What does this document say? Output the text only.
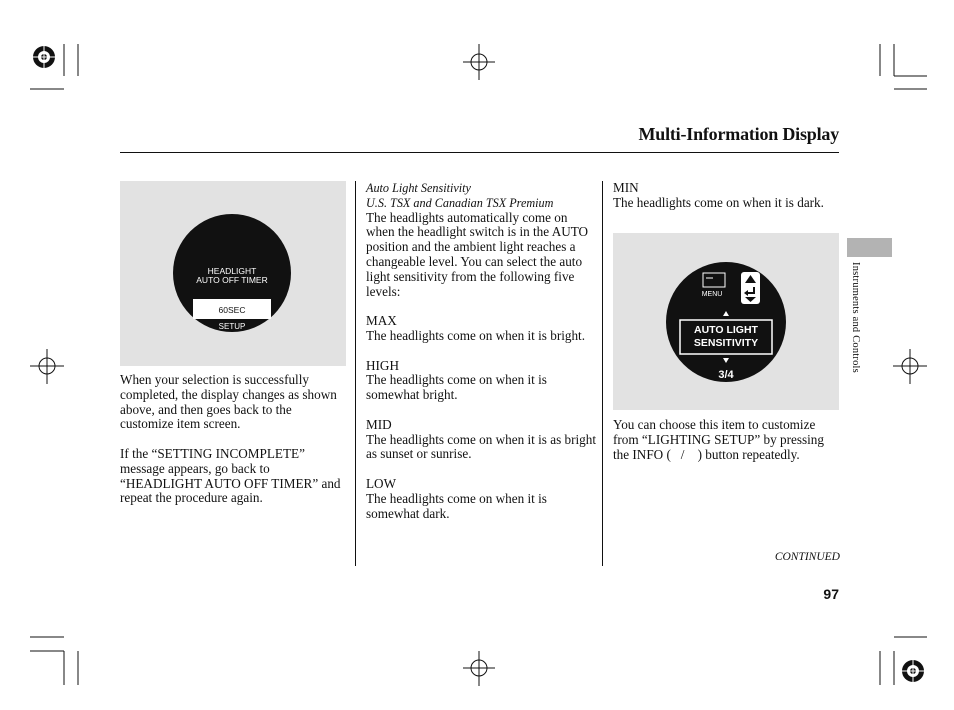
Multi-Information Display
Instruments and Controls
HEADLIGHT
AUTO OFF TIMER
60SEC
SETUP

When your selection is successfully completed, the display changes as shown above, and then goes back to the customize item screen.

If the “SETTING INCOMPLETE” message appears, go back to “HEADLIGHT AUTO OFF TIMER” and repeat the procedure again.

Auto Light Sensitivity

U.S. TSX and Canadian TSX Premium

The headlights automatically come on when the headlight switch is in the AUTO position and the ambient light reaches a changeable level. You can select the auto light sensitivity from the following five levels:

MAX

The headlights come on when it is bright.

HIGH

The headlights come on when it is somewhat bright.

MID

The headlights come on when it is as bright as sunset or sunrise.

LOW

The headlights come on when it is somewhat dark.

MIN

The headlights come on when it is dark.

MENU
AUTO LIGHT
SENSITIVITY
3/4

You can choose this item to customize from “LIGHTING SETUP” by pressing the INFO (   /    ) button repeatedly.

CONTINUED
97
